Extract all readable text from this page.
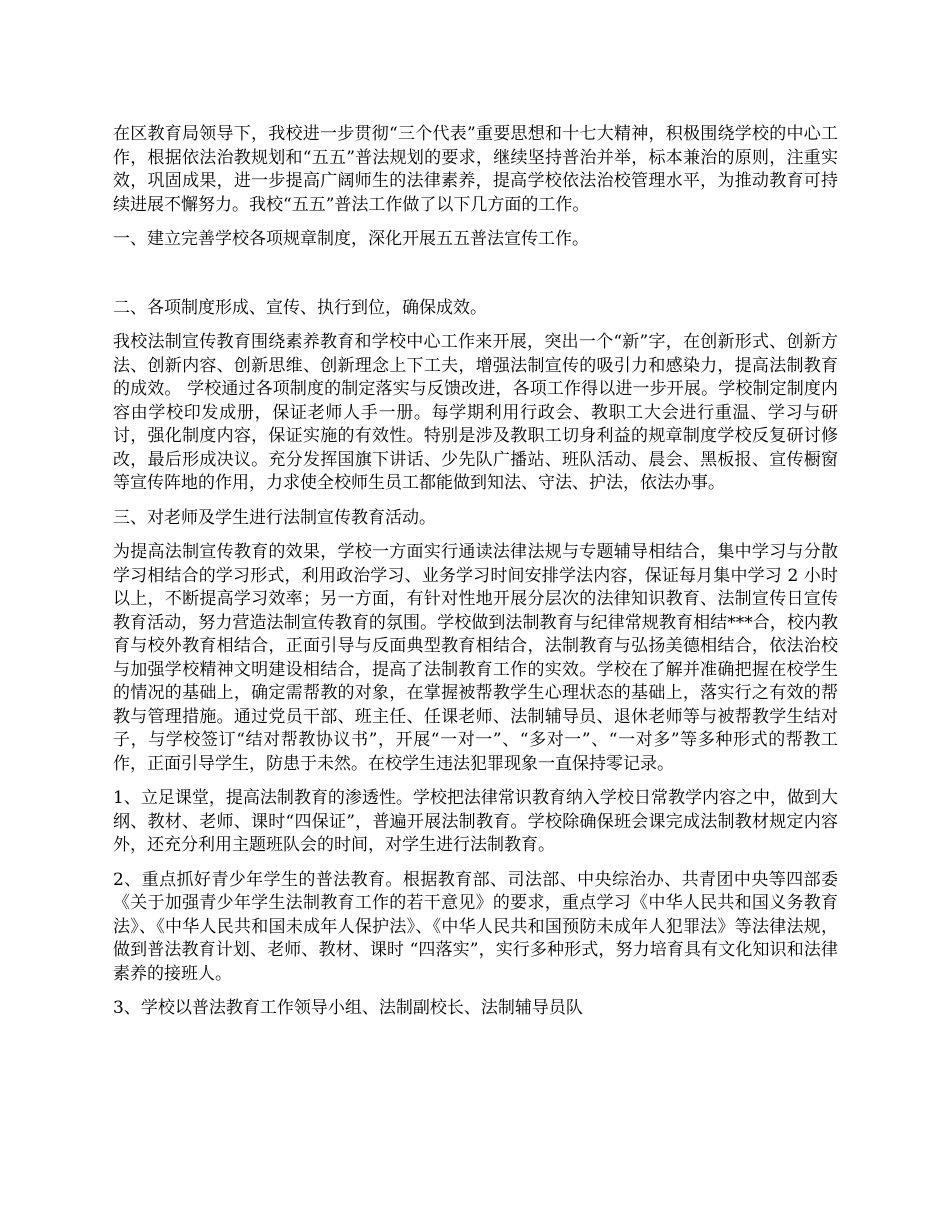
在区教育局领导下，我校进一步贯彻“三个代表”重要思想和十七大精神，积极围绕学校的中心工作，根据依法治教规划和“五五”普法规划的要求，继续坚持普治并举，标本兼治的原则，注重实效，巩固成果，进一步提高广阔师生的法律素养，提高学校依法治校管理水平，为推动教育可持续进展不懈努力。我校“五五”普法工作做了以下几方面的工作。

一、建立完善学校各项规章制度，深化开展五五普法宣传工作。

二、各项制度形成、宣传、执行到位，确保成效。

我校法制宣传教育围绕素养教育和学校中心工作来开展，突出一个“新”字，在创新形式、创新方法、创新内容、创新思维、创新理念上下工夫，增强法制宣传的吸引力和感染力，提高法制教育的成效。 学校通过各项制度的制定落实与反馈改进，各项工作得以进一步开展。学校制定制度内容由学校印发成册，保证老师人手一册。每学期利用行政会、教职工大会进行重温、学习与研讨，强化制度内容，保证实施的有效性。特别是涉及教职工切身利益的规章制度学校反复研讨修改，最后形成决议。充分发挥国旗下讲话、少先队广播站、班队活动、晨会、黑板报、宣传橱窗等宣传阵地的作用，力求使全校师生员工都能做到知法、守法、护法，依法办事。

三、对老师及学生进行法制宣传教育活动。

为提高法制宣传教育的效果，学校一方面实行通读法律法规与专题辅导相结合，集中学习与分散学习相结合的学习形式，利用政治学习、业务学习时间安排学法内容，保证每月集中学习 2 小时以上，不断提高学习效率；另一方面，有针对性地开展分层次的法律知识教育、法制宣传日宣传教育活动，努力营造法制宣传教育的氛围。学校做到法制教育与纪律常规教育相结***合，校内教育与校外教育相结合，正面引导与反面典型教育相结合，法制教育与弘扬美德相结合，依法治校与加强学校精神文明建设相结合，提高了法制教育工作的实效。学校在了解并准确把握在校学生的情况的基础上，确定需帮教的对象，在掌握被帮教学生心理状态的基础上，落实行之有效的帮教与管理措施。通过党员干部、班主任、任课老师、法制辅导员、退休老师等与被帮教学生结对子，与学校签订“结对帮教协议书”，开展“一对一”、“多对一”、“一对多”等多种形式的帮教工作，正面引导学生，防患于未然。在校学生违法犯罪现象一直保持零记录。

1、立足课堂，提高法制教育的渗透性。学校把法律常识教育纳入学校日常教学内容之中，做到大纲、教材、老师、课时“四保证”，普遍开展法制教育。学校除确保班会课完成法制教材规定内容外，还充分利用主题班队会的时间，对学生进行法制教育。

2、重点抓好青少年学生的普法教育。根据教育部、司法部、中央综治办、共青团中央等四部委《关于加强青少年学生法制教育工作的若干意见》的要求，重点学习《中华人民共和国义务教育法》、《中华人民共和国未成年人保护法》、《中华人民共和国预防未成年人犯罪法》等法律法规，做到普法教育计划、老师、教材、课时 “四落实”，实行多种形式，努力培育具有文化知识和法律素养的接班人。

3、学校以普法教育工作领导小组、法制副校长、法制辅导员队
